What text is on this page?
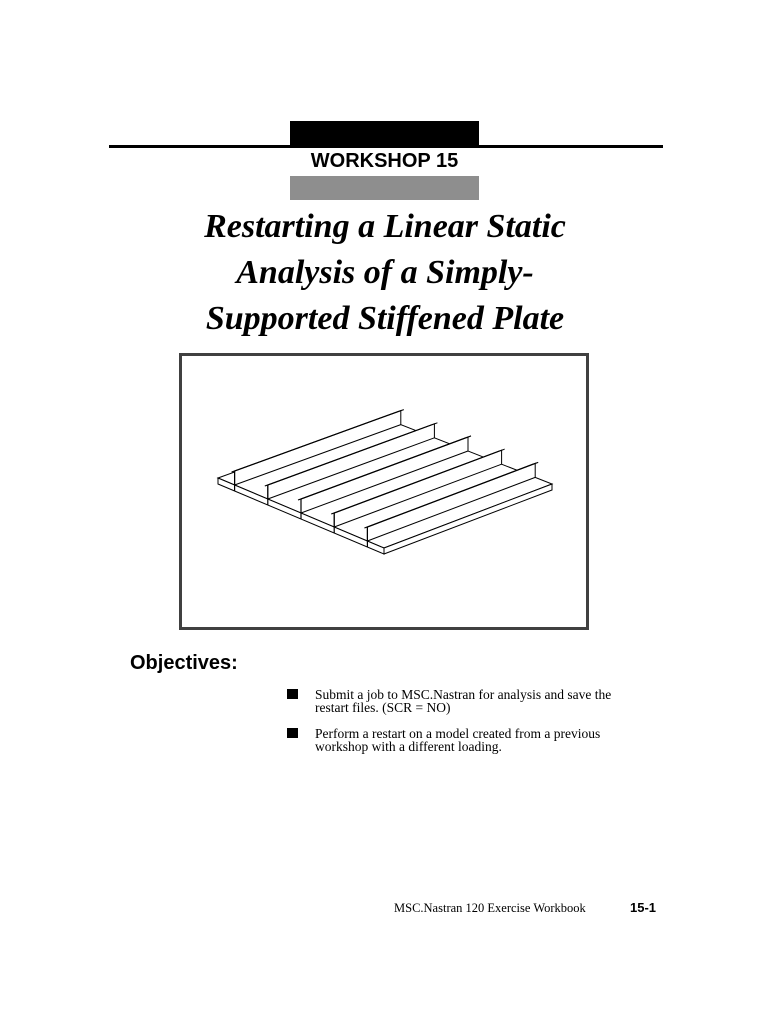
WORKSHOP 15
Restarting a Linear Static
Analysis of a Simply-
Supported Stiffened Plate
Objectives:
Submit a job to MSC.Nastran for analysis and save the
restart files. (SCR = NO)
Perform a restart on a model created from a previous
workshop with a different loading.
MSC.Nastran 120 Exercise Workbook	15-1
